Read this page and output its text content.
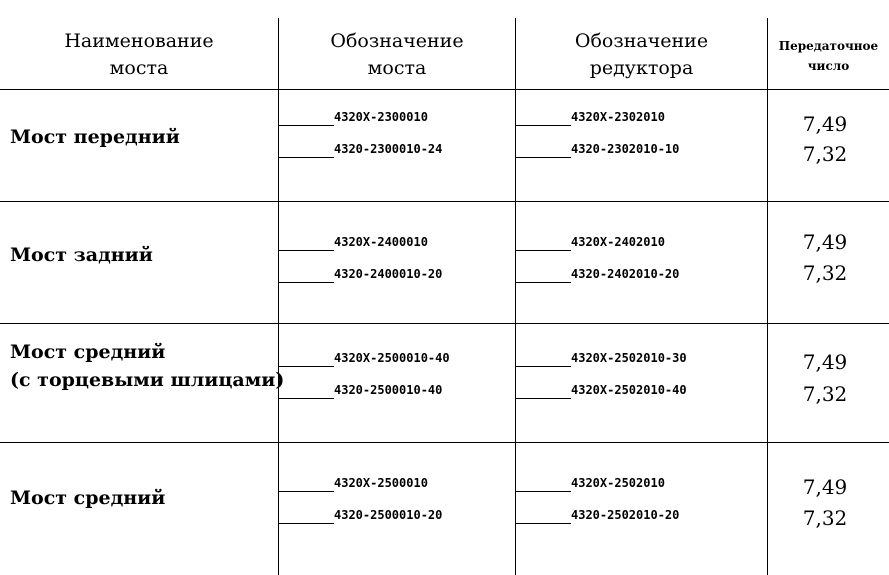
Наименование
моста
Обозначение
моста
Обозначение
редуктора
Передаточное
число
Мост передний
4320Х-2300010
4320-2300010-24
4320Х-2302010
4320-2302010-10
7,49
7,32
Мост задний
4320Х-2400010
4320-2400010-20
4320Х-2402010
4320-2402010-20
7,49
7,32
Мост средний
(с торцевыми шлицами)
4320Х-2500010-40
4320-2500010-40
4320Х-2502010-30
4320Х-2502010-40
7,49
7,32
Мост средний
4320Х-2500010
4320-2500010-20
4320Х-2502010
4320-2502010-20
7,49
7,32
